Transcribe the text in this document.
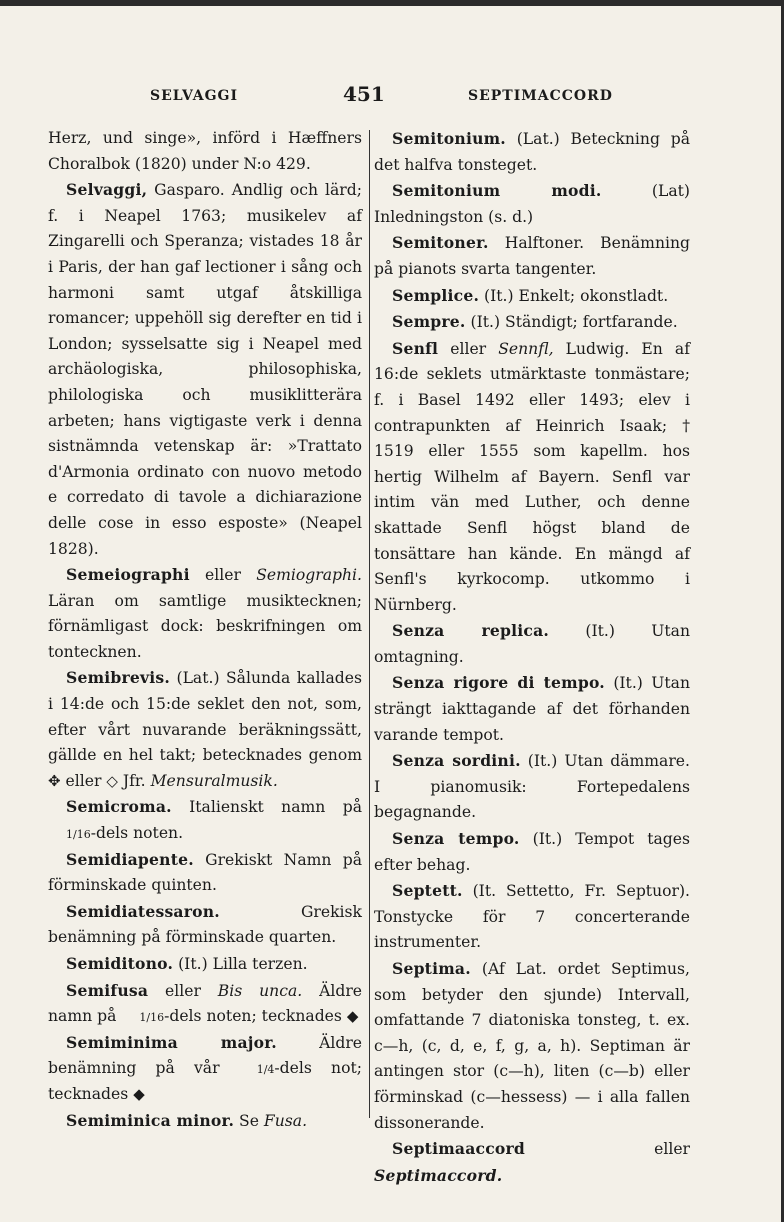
SELVAGGI	451	SEPTIMACCORD

Herz, und singe», införd i Hæffners Choralbok (1820) under N:o 429.

Selvaggi, Gasparo. Andlig och lärd; f. i Neapel 1763; musikelev af Zingarelli och Speranza; vistades 18 år i Paris, der han gaf lectioner i sång och harmoni samt utgaf åtskilliga romancer; uppehöll sig derefter en tid i London; sysselsatte sig i Neapel med archäologiska, philosophiska, philologiska och musiklitterära arbeten; hans vigtigaste verk i denna sistnämnda vetenskap är: »Trattato d'Armonia ordinato con nuovo metodo e corredato di tavole a dichiarazione delle cose in esso esposte» (Neapel 1828).

Semeiographi eller Semiographi. Läran om samtlige musiktecknen; förnämligast dock: beskrifningen om tontecknen.

Semibrevis. (Lat.) Sålunda kallades i 14:de och 15:de seklet den not, som, efter vårt nuvarande beräkningssätt, gällde en hel takt; betecknades genom ✥ eller ◇ Jfr. Mensuralmusik.

Semicroma. Italienskt namn på 1/16-dels noten.

Semidiapente. Grekiskt Namn på förminskade quinten.

Semidiatessaron. Grekisk benämning på förminskade quarten.

Semiditono. (It.) Lilla terzen.

Semifusa eller Bis unca. Äldre namn på 1/16-dels noten; tecknades ◆

Semiminima major. Äldre benämning på vår 1/4-dels not; tecknades ◆

Semiminica minor. Se Fusa.

Semitonium. (Lat.) Beteckning på det halfva tonsteget.

Semitonium modi. (Lat) Inledningston (s. d.)

Semitoner. Halftoner. Benämning på pianots svarta tangenter.

Semplice. (It.) Enkelt; okonstladt.

Sempre. (It.) Ständigt; fortfarande.

Senfl eller Sennfl, Ludwig. En af 16:de seklets utmärktaste tonmästare; f. i Basel 1492 eller 1493; elev i contrapunkten af Heinrich Isaak; † 1519 eller 1555 som kapellm. hos hertig Wilhelm af Bayern. Senfl var intim vän med Luther, och denne skattade Senfl högst bland de tonsättare han kände. En mängd af Senfl's kyrkocomp. utkommo i Nürnberg.

Senza replica. (It.) Utan omtagning.

Senza rigore di tempo. (It.) Utan strängt iakttagande af det förhanden varande tempot.

Senza sordini. (It.) Utan dämmare. I pianomusik: Fortepedalens begagnande.

Senza tempo. (It.) Tempot tages efter behag.

Septett. (It. Settetto, Fr. Septuor). Tonstycke för 7 concerterande instrumenter.

Septima. (Af Lat. ordet Septimus, som betyder den sjunde) Intervall, omfattande 7 diatoniska tonsteg, t. ex. c—h, (c, d, e, f, g, a, h). Septiman är antingen stor (c—h), liten (c—b) eller förminskad (c—hessess) — i alla fallen dissonerande.

Septimaaccord eller Septimaccord.
